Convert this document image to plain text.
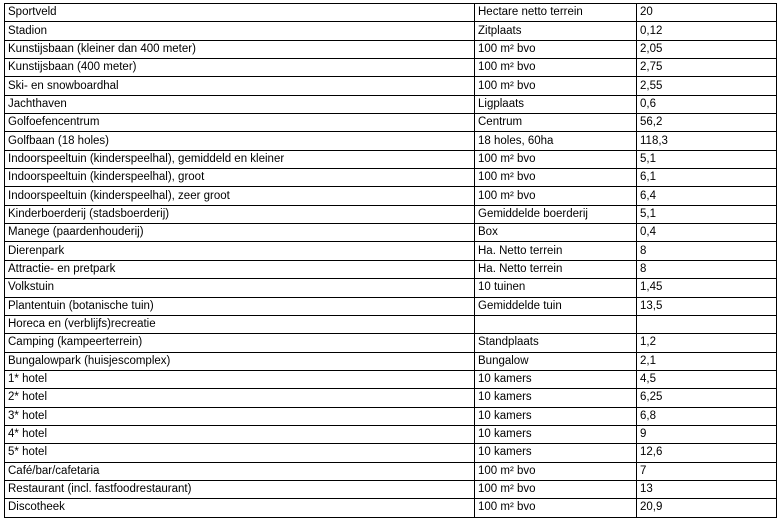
Sportveld	Hectare netto terrein	20
Stadion	Zitplaats	0,12
Kunstijsbaan (kleiner dan 400 meter)	100 m² bvo	2,05
Kunstijsbaan (400 meter)	100 m² bvo	2,75
Ski- en snowboardhal	100 m² bvo	2,55
Jachthaven	Ligplaats	0,6
Golfoefencentrum	Centrum	56,2
Golfbaan (18 holes)	18 holes, 60ha	118,3
Indoorspeeltuin (kinderspeelhal), gemiddeld en kleiner	100 m² bvo	5,1
Indoorspeeltuin (kinderspeelhal), groot	100 m² bvo	6,1
Indoorspeeltuin (kinderspeelhal), zeer groot	100 m² bvo	6,4
Kinderboerderij (stadsboerderij)	Gemiddelde boerderij	5,1
Manege (paardenhouderij)	Box	0,4
Dierenpark	Ha. Netto terrein	8
Attractie- en pretpark	Ha. Netto terrein	8
Volkstuin	10 tuinen	1,45
Plantentuin (botanische tuin)	Gemiddelde tuin	13,5
Horeca en (verblijfs)recreatie		
Camping (kampeerterrein)	Standplaats	1,2
Bungalowpark (huisjescomplex)	Bungalow	2,1
1* hotel	10 kamers	4,5
2* hotel	10 kamers	6,25
3* hotel	10 kamers	6,8
4* hotel	10 kamers	9
5* hotel	10 kamers	12,6
Café/bar/cafetaria	100 m² bvo	7
Restaurant (incl. fastfoodrestaurant)	100 m² bvo	13
Discotheek	100 m² bvo	20,9
